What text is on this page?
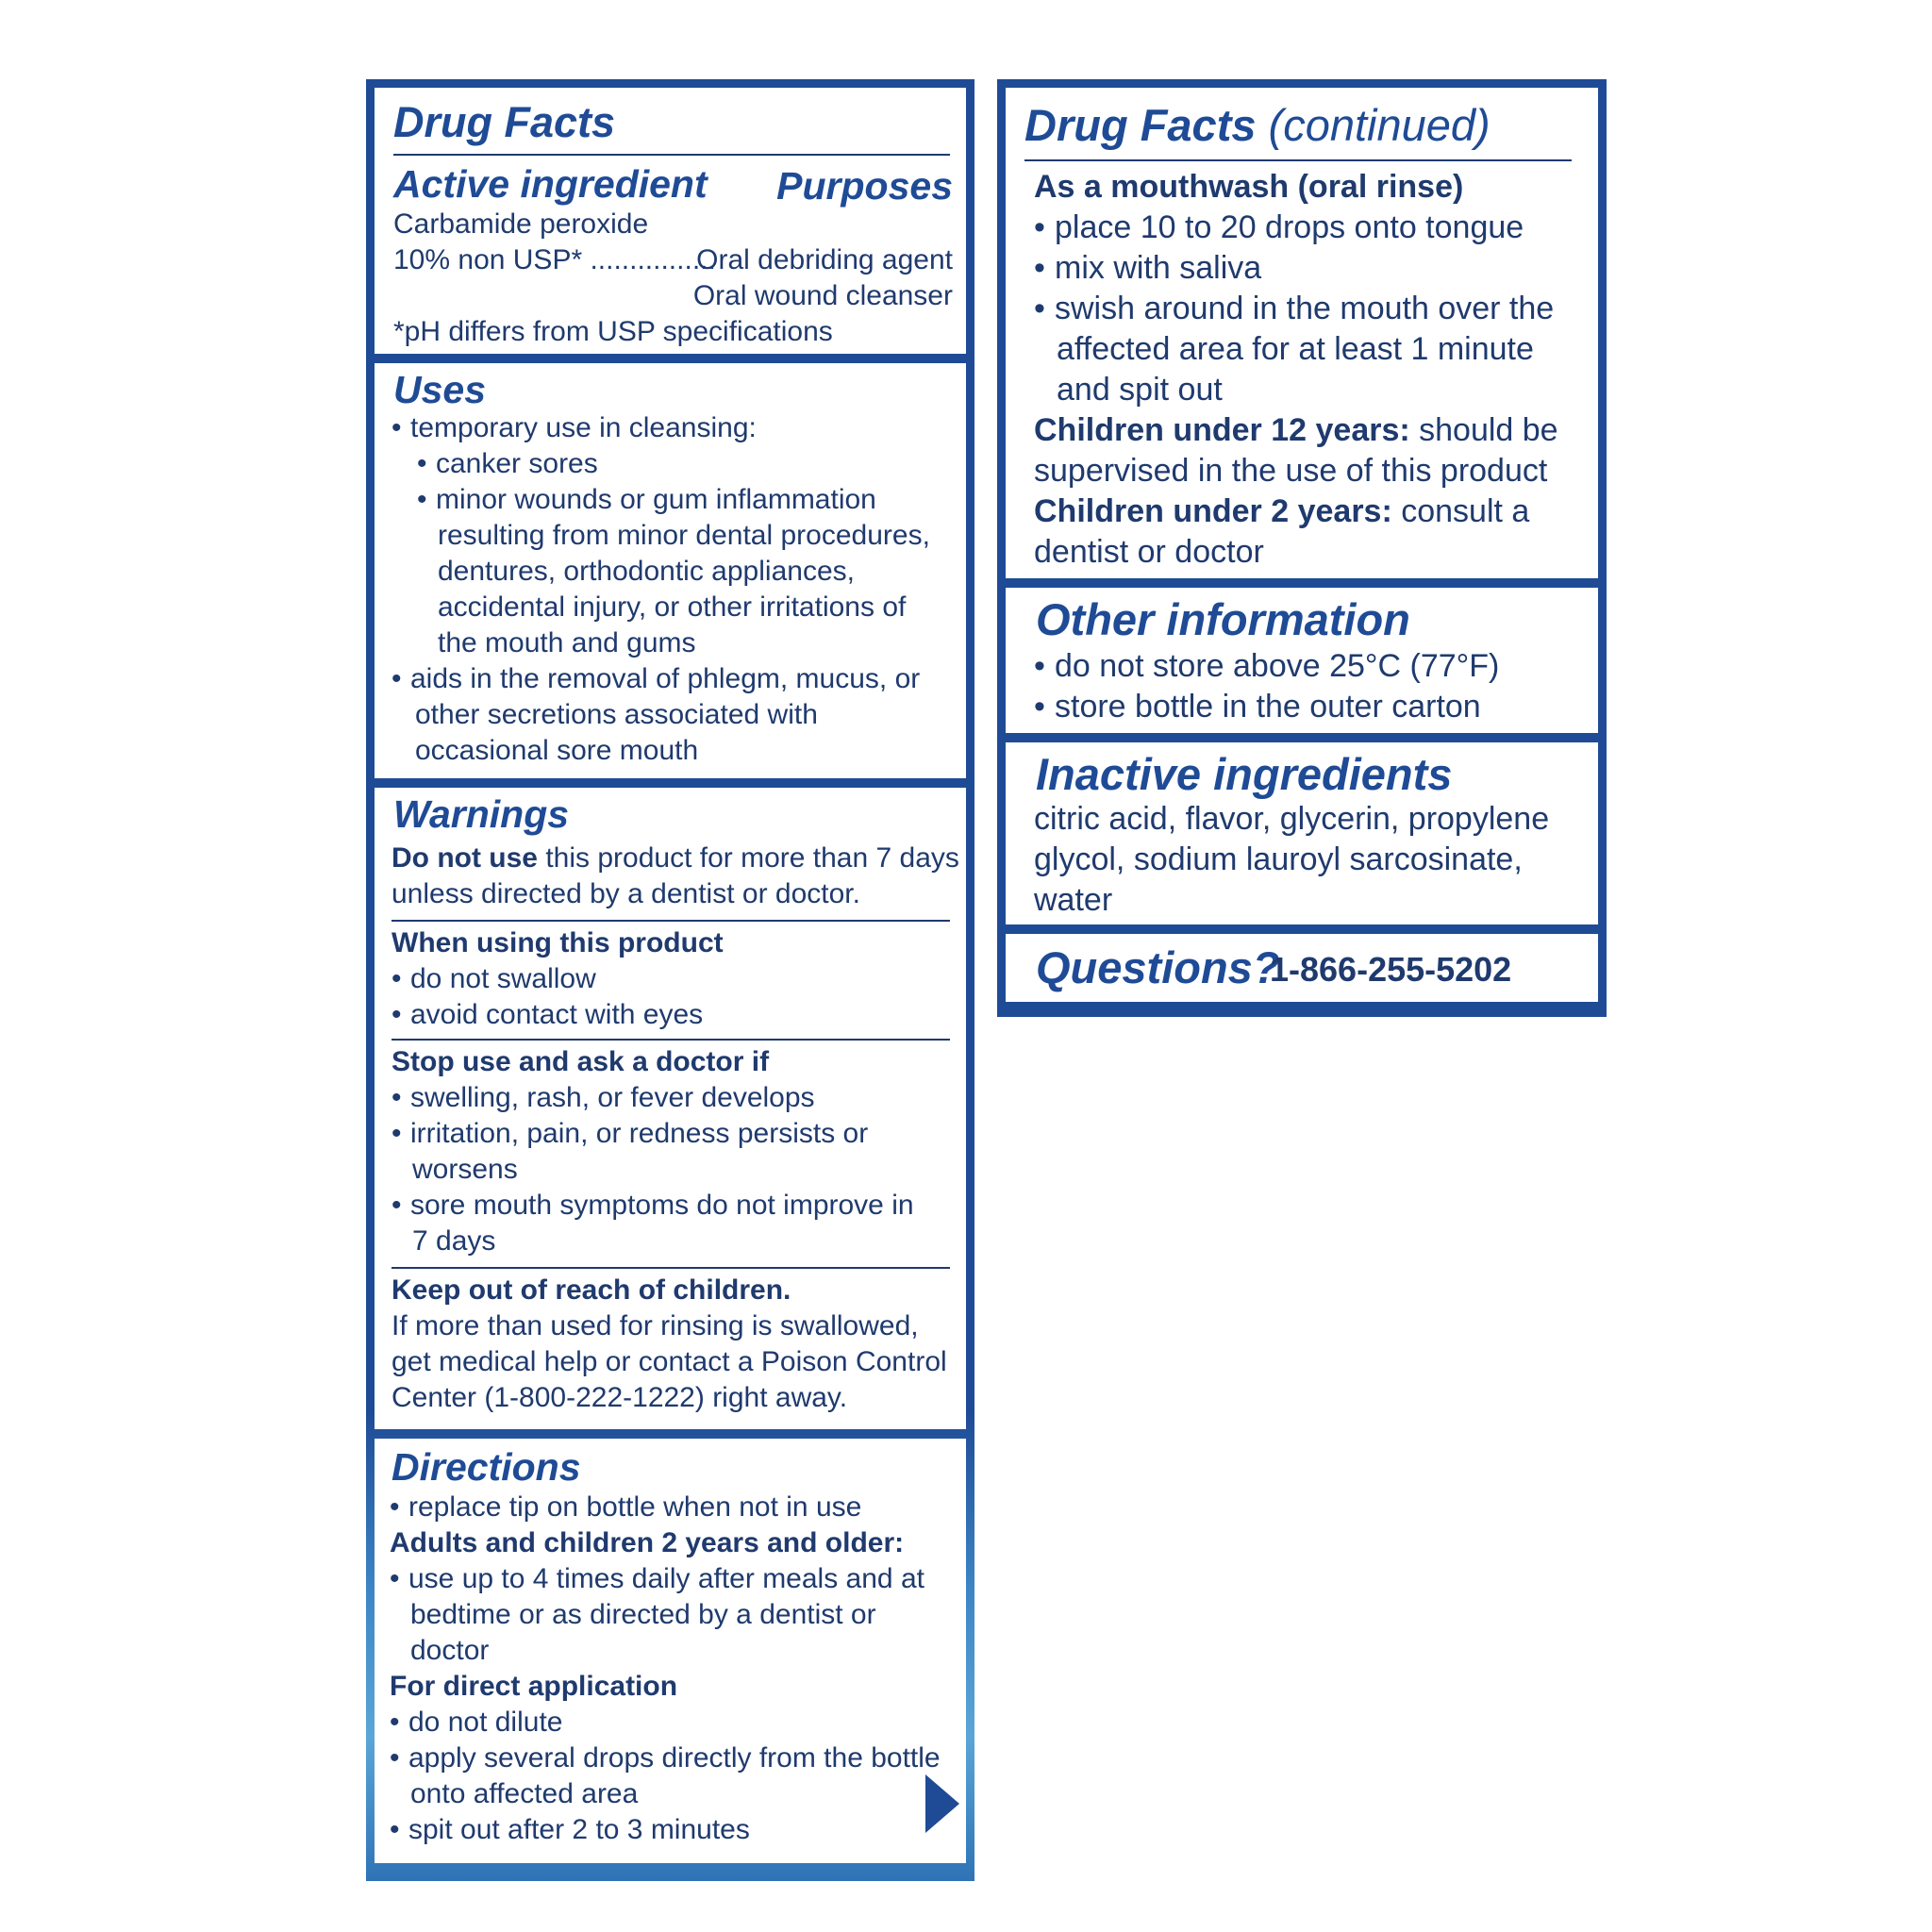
Drug Facts
Active ingredient Purposes
Carbamide peroxide
10% non USP* ................
Oral debriding agent
Oral wound cleanser
*pH differs from USP specifications
Uses
• temporary use in cleansing:
• canker sores
• minor wounds or gum inflammation
resulting from minor dental procedures,
dentures, orthodontic appliances,
accidental injury, or other irritations of
the mouth and gums
• aids in the removal of phlegm, mucus, or
other secretions associated with
occasional sore mouth
Warnings
Do not use this product for more than 7 days
unless directed by a dentist or doctor.
When using this product
• do not swallow
• avoid contact with eyes
Stop use and ask a doctor if
• swelling, rash, or fever develops
• irritation, pain, or redness persists or
worsens
• sore mouth symptoms do not improve in
7 days
Keep out of reach of children.
If more than used for rinsing is swallowed,
get medical help or contact a Poison Control
Center (1-800-222-1222) right away.
Directions
• replace tip on bottle when not in use
Adults and children 2 years and older:
• use up to 4 times daily after meals and at
bedtime or as directed by a dentist or
doctor
For direct application
• do not dilute
• apply several drops directly from the bottle
onto affected area
• spit out after 2 to 3 minutes
Drug Facts (continued)
As a mouthwash (oral rinse)
• place 10 to 20 drops onto tongue
• mix with saliva
• swish around in the mouth over the
affected area for at least 1 minute
and spit out
Children under 12 years: should be
supervised in the use of this product
Children under 2 years: consult a
dentist or doctor
Other information
• do not store above 25°C (77°F)
• store bottle in the outer carton
Inactive ingredients
citric acid, flavor, glycerin, propylene
glycol, sodium lauroyl sarcosinate,
water
Questions?
1-866-255-5202
